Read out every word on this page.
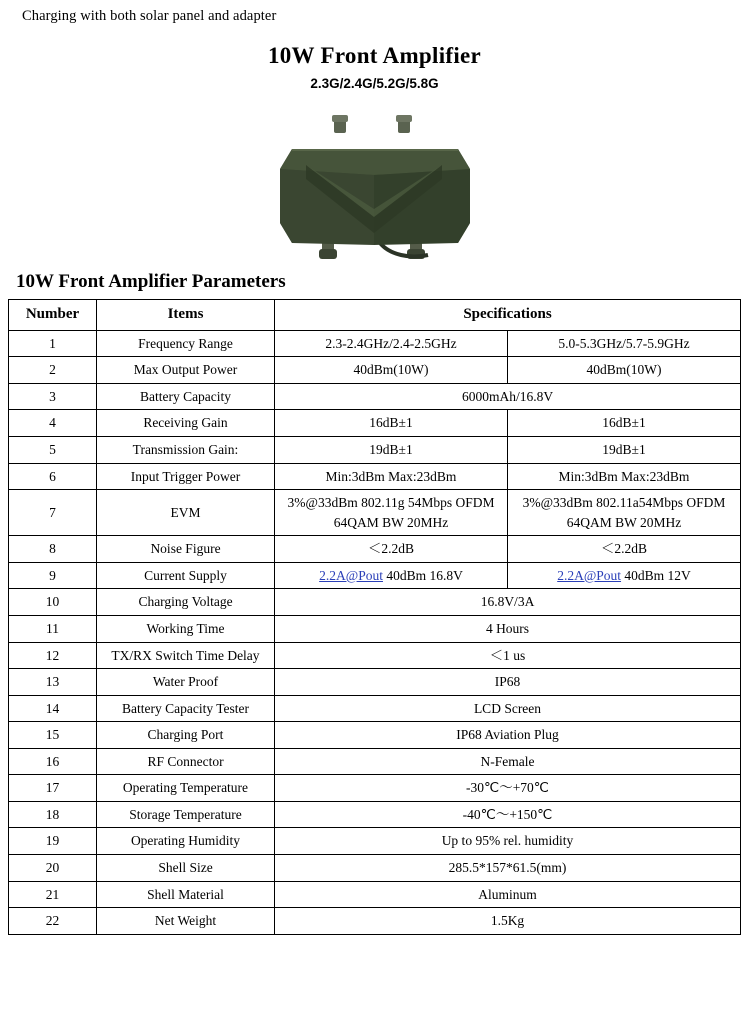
Charging with both solar panel and adapter
10W Front Amplifier
2.3G/2.4G/5.2G/5.8G
10W Front Amplifier Parameters
Number	Items	Specifications	
1	Frequency Range	2.3-2.4GHz/2.4-2.5GHz	5.0-5.3GHz/5.7-5.9GHz
2	Max Output Power	40dBm(10W)	40dBm(10W)
3	Battery Capacity	6000mAh/16.8V	
4	Receiving Gain	16dB±1	16dB±1
5	Transmission Gain:	19dB±1	19dB±1
6	Input Trigger Power	Min:3dBm Max:23dBm	Min:3dBm Max:23dBm
7	EVM	3%@33dBm 802.11g 54Mbps OFDM 64QAM BW 20MHz	3%@33dBm 802.11a54Mbps OFDM 64QAM BW 20MHz
8	Noise Figure	＜2.2dB	＜2.2dB
9	Current Supply	2.2A@Pout 40dBm 16.8V	2.2A@Pout 40dBm 12V
10	Charging Voltage	16.8V/3A	
11	Working Time	4 Hours	
12	TX/RX Switch Time Delay	＜1 us	
13	Water Proof	IP68	
14	Battery Capacity Tester	LCD Screen	
15	Charging Port	IP68 Aviation Plug	
16	RF Connector	N-Female	
17	Operating Temperature	-30℃～+70℃	
18	Storage Temperature	-40℃～+150℃	
19	Operating Humidity	Up to 95% rel. humidity	
20	Shell Size	285.5*157*61.5(mm)	
21	Shell Material	Aluminum	
22	Net Weight	1.5Kg	
